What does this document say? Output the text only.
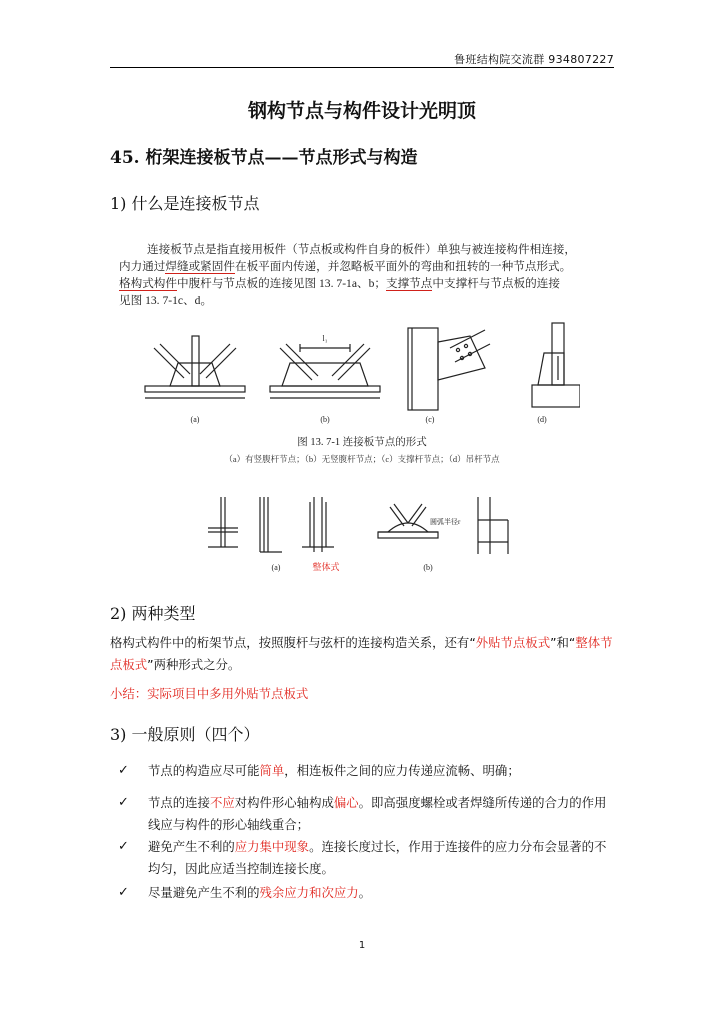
鲁班结构院交流群 934807227
钢构节点与构件设计光明顶
45. 桁架连接板节点——节点形式与构造
1) 什么是连接板节点
连接板节点是指直接用板件（节点板或构件自身的板件）单独与被连接构件相连接，
内力通过焊缝或紧固件在板平面内传递，并忽略板平面外的弯曲和扭转的一种节点形式。
格构式构件中腹杆与节点板的连接见图 13. 7-1a、b；支撑节点中支撑杆与节点板的连接
见图 13. 7-1c、d。
(a)	(b)	(c)	(d)
l₁
图 13. 7-1 连接板节点的形式
（a）有竖腹杆节点；（b）无竖腹杆节点；（c）支撑杆节点；（d）吊杆节点
(a)	整体式	(b)
圆弧半径r
2) 两种类型
格构式构件中的桁架节点，按照腹杆与弦杆的连接构造关系，还有“外贴节点板式”和“整体节点板式”两种形式之分。
小结：实际项目中多用外贴节点板式
3) 一般原则（四个）
✓	节点的构造应尽可能简单，相连板件之间的应力传递应流畅、明确；
✓	节点的连接不应对构件形心轴构成偏心。即高强度螺栓或者焊缝所传递的合力的作用线应与构件的形心轴线重合；
✓	避免产生不利的应力集中现象。连接长度过长，作用于连接件的应力分布会显著的不均匀，因此应适当控制连接长度。
✓	尽量避免产生不利的残余应力和次应力。
1
